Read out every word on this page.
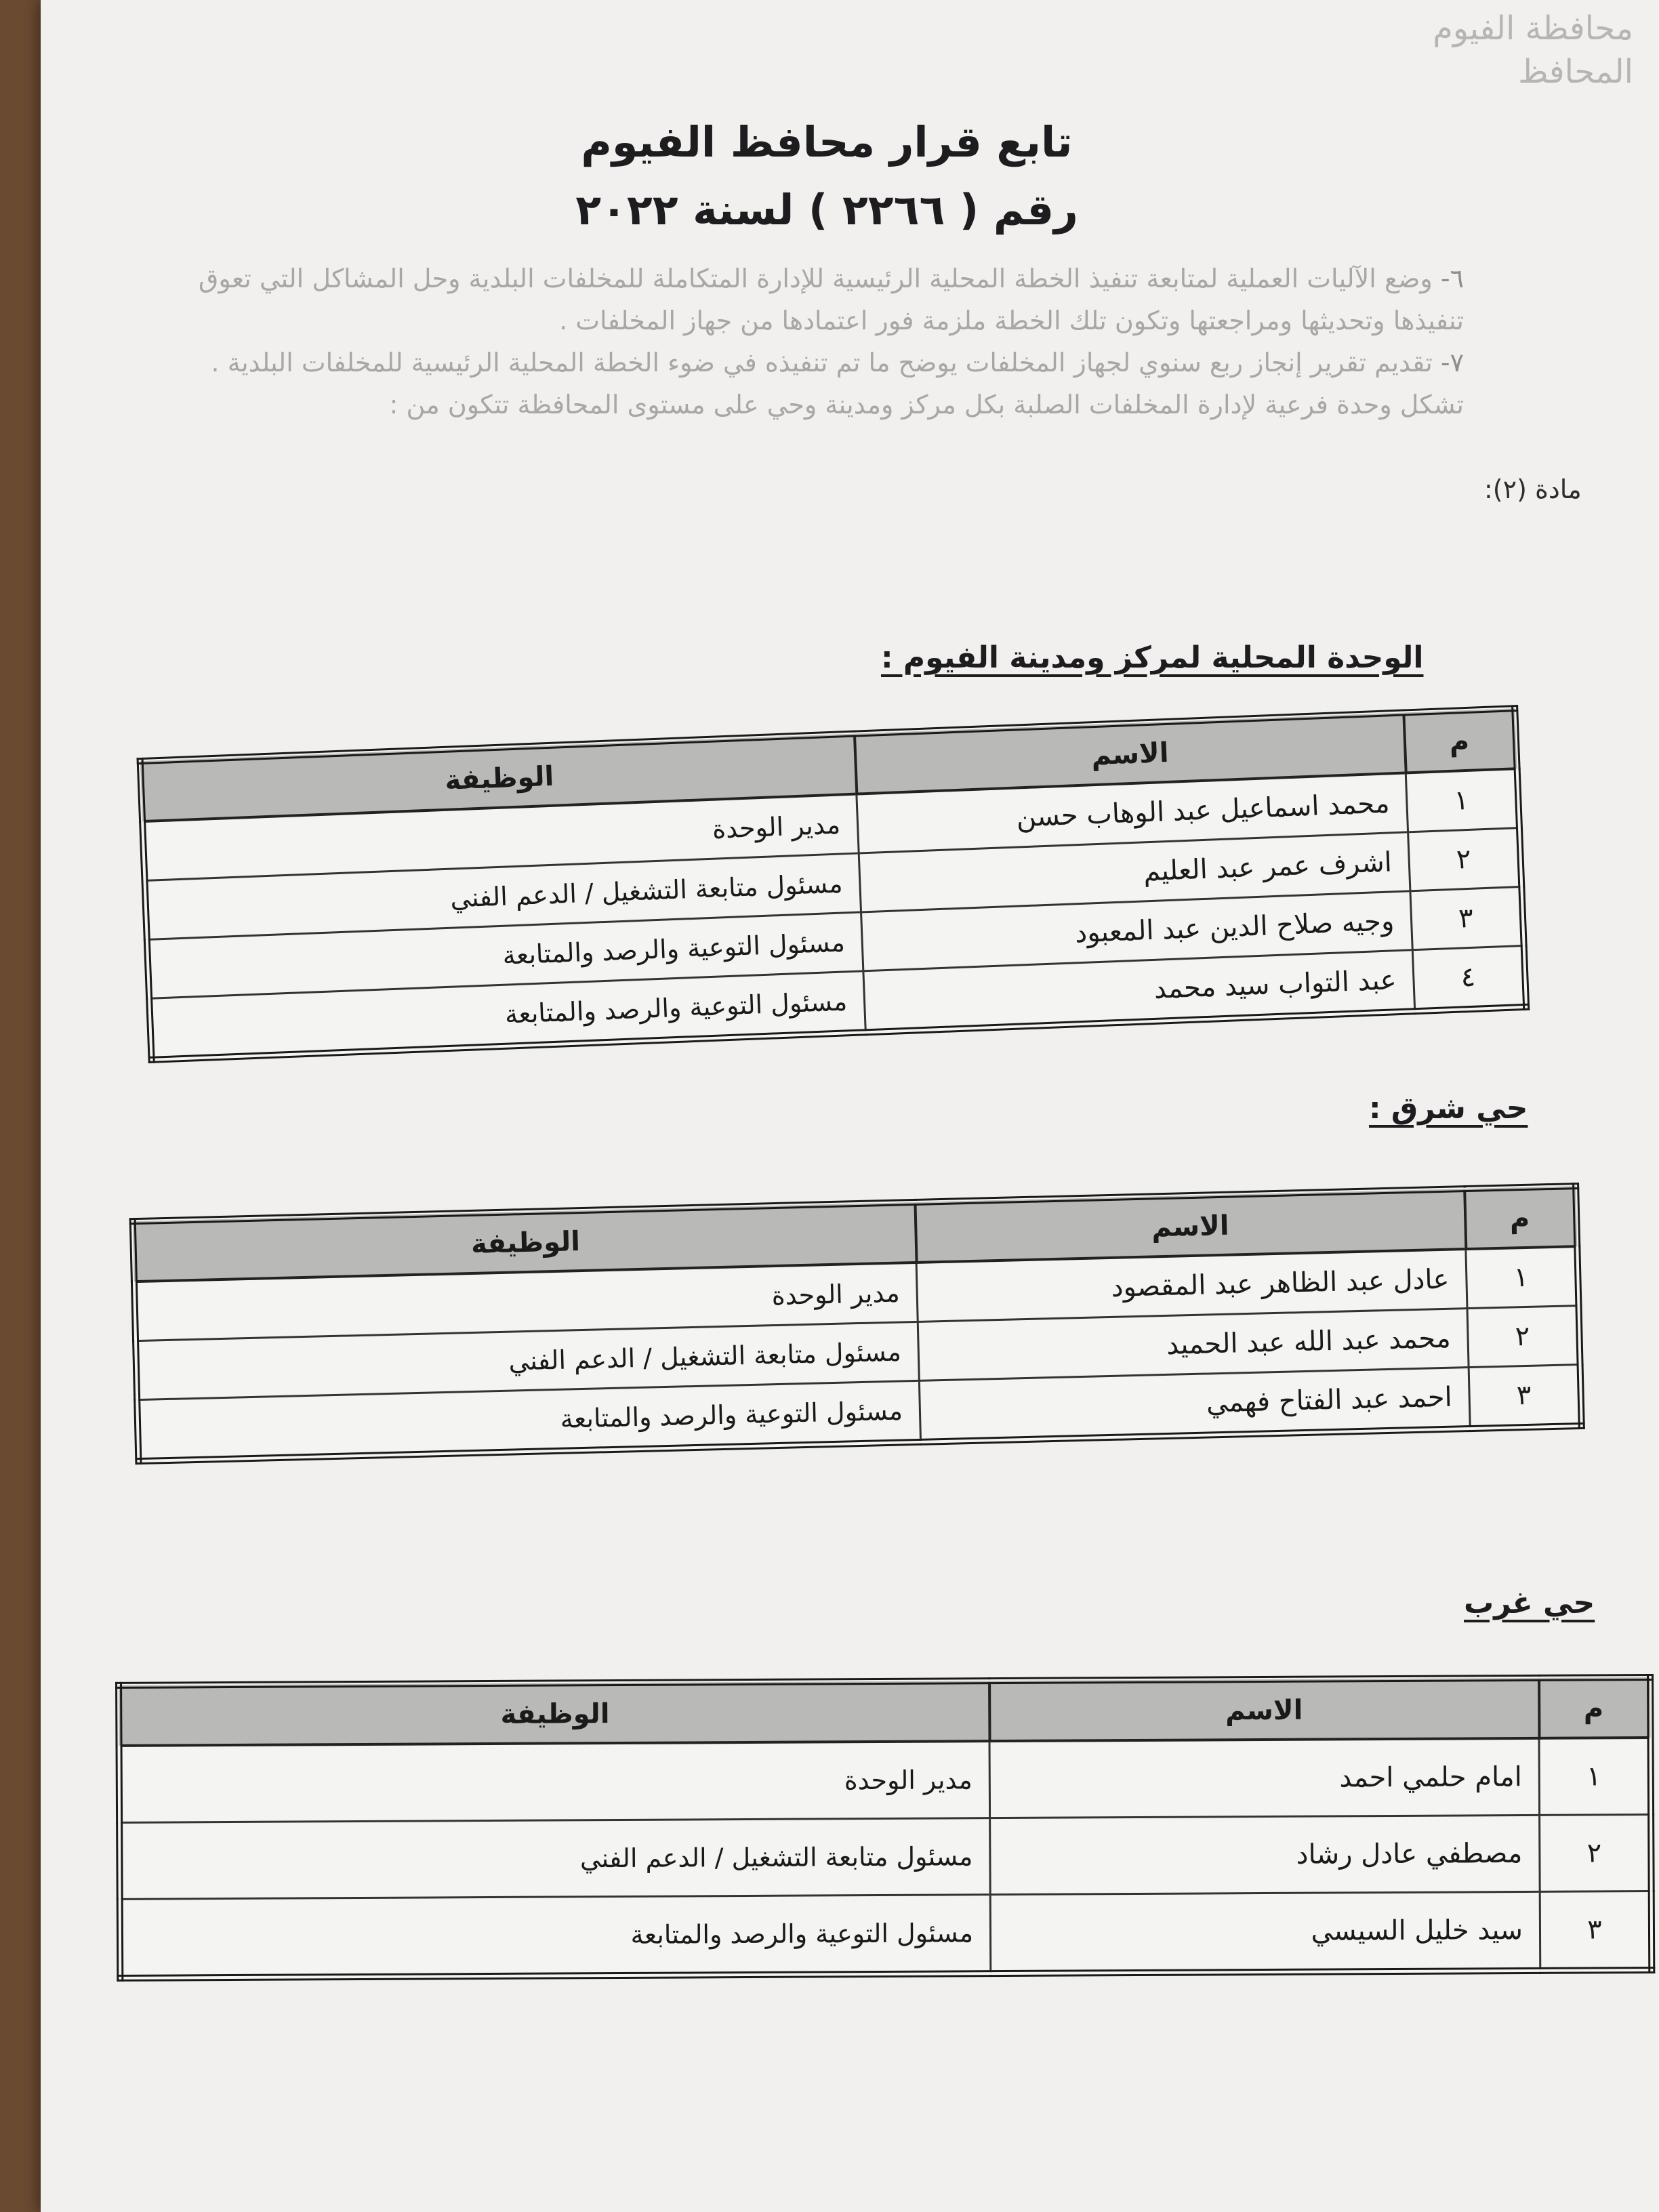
محافظة الفيوم
المحافظ
تابع قرار محافظ الفيوم
رقم ( ٢٢٦٦ ) لسنة ٢٠٢٢

٦- وضع الآليات العملية لمتابعة تنفيذ الخطة المحلية الرئيسية للإدارة المتكاملة للمخلفات البلدية وحل المشاكل التي تعوق تنفيذها وتحديثها ومراجعتها وتكون تلك الخطة ملزمة فور اعتمادها من جهاز المخلفات .

٧- تقديم تقرير إنجاز ربع سنوي لجهاز المخلفات يوضح ما تم تنفيذه في ضوء الخطة المحلية الرئيسية للمخلفات البلدية .

تشكل وحدة فرعية لإدارة المخلفات الصلبة بكل مركز ومدينة وحي على مستوى المحافظة تتكون من :

مادة (٢):
الوحدة المحلية لمركز ومدينة الفيوم :
م	الاسم	الوظيفة
١	محمد اسماعيل عبد الوهاب حسن	مدير الوحدة
٢	اشرف عمر عبد العليم	مسئول متابعة التشغيل / الدعم الفني
٣	وجيه صلاح الدين عبد المعبود	مسئول التوعية والرصد والمتابعة
٤	عبد التواب سيد محمد	مسئول التوعية والرصد والمتابعة
حي شرق :
م	الاسم	الوظيفة
١	عادل عبد الظاهر عبد المقصود	مدير الوحدة
٢	محمد عبد الله عبد الحميد	مسئول متابعة التشغيل / الدعم الفني
٣	احمد عبد الفتاح فهمي	مسئول التوعية والرصد والمتابعة
حي غرب
م	الاسم	الوظيفة
١	امام حلمي احمد	مدير الوحدة
٢	مصطفي عادل رشاد	مسئول متابعة التشغيل / الدعم الفني
٣	سيد خليل السيسي	مسئول التوعية والرصد والمتابعة
